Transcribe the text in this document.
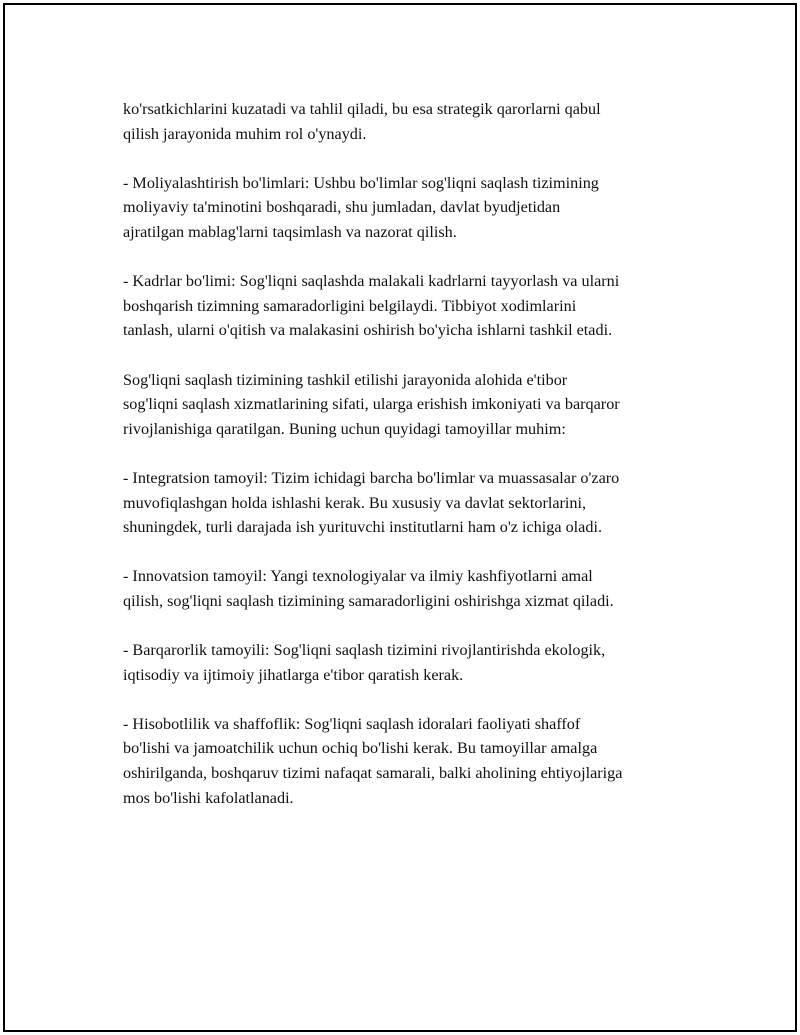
ko'rsatkichlarini kuzatadi va tahlil qiladi, bu esa strategik qarorlarni qabul
qilish jarayonida muhim rol o'ynaydi.

- Moliyalashtirish bo'limlari: Ushbu bo'limlar sog'liqni saqlash tizimining
moliyaviy ta'minotini boshqaradi, shu jumladan, davlat byudjetidan
ajratilgan mablag'larni taqsimlash va nazorat qilish.

- Kadrlar bo'limi: Sog'liqni saqlashda malakali kadrlarni tayyorlash va ularni
boshqarish tizimning samaradorligini belgilaydi. Tibbiyot xodimlarini
tanlash, ularni o'qitish va malakasini oshirish bo'yicha ishlarni tashkil etadi.

Sog'liqni saqlash tizimining tashkil etilishi jarayonida alohida e'tibor
sog'liqni saqlash xizmatlarining sifati, ularga erishish imkoniyati va barqaror
rivojlanishiga qaratilgan. Buning uchun quyidagi tamoyillar muhim:

- Integratsion tamoyil: Tizim ichidagi barcha bo'limlar va muassasalar o'zaro
muvofiqlashgan holda ishlashi kerak. Bu xususiy va davlat sektorlarini,
shuningdek, turli darajada ish yurituvchi institutlarni ham o'z ichiga oladi.

- Innovatsion tamoyil: Yangi texnologiyalar va ilmiy kashfiyotlarni amal
qilish, sog'liqni saqlash tizimining samaradorligini oshirishga xizmat qiladi.

- Barqarorlik tamoyili: Sog'liqni saqlash tizimini rivojlantirishda ekologik,
iqtisodiy va ijtimoiy jihatlarga e'tibor qaratish kerak.

- Hisobotlilik va shaffoflik: Sog'liqni saqlash idoralari faoliyati shaffof
bo'lishi va jamoatchilik uchun ochiq bo'lishi kerak. Bu tamoyillar amalga
oshirilganda, boshqaruv tizimi nafaqat samarali, balki aholining ehtiyojlariga
mos bo'lishi kafolatlanadi.
